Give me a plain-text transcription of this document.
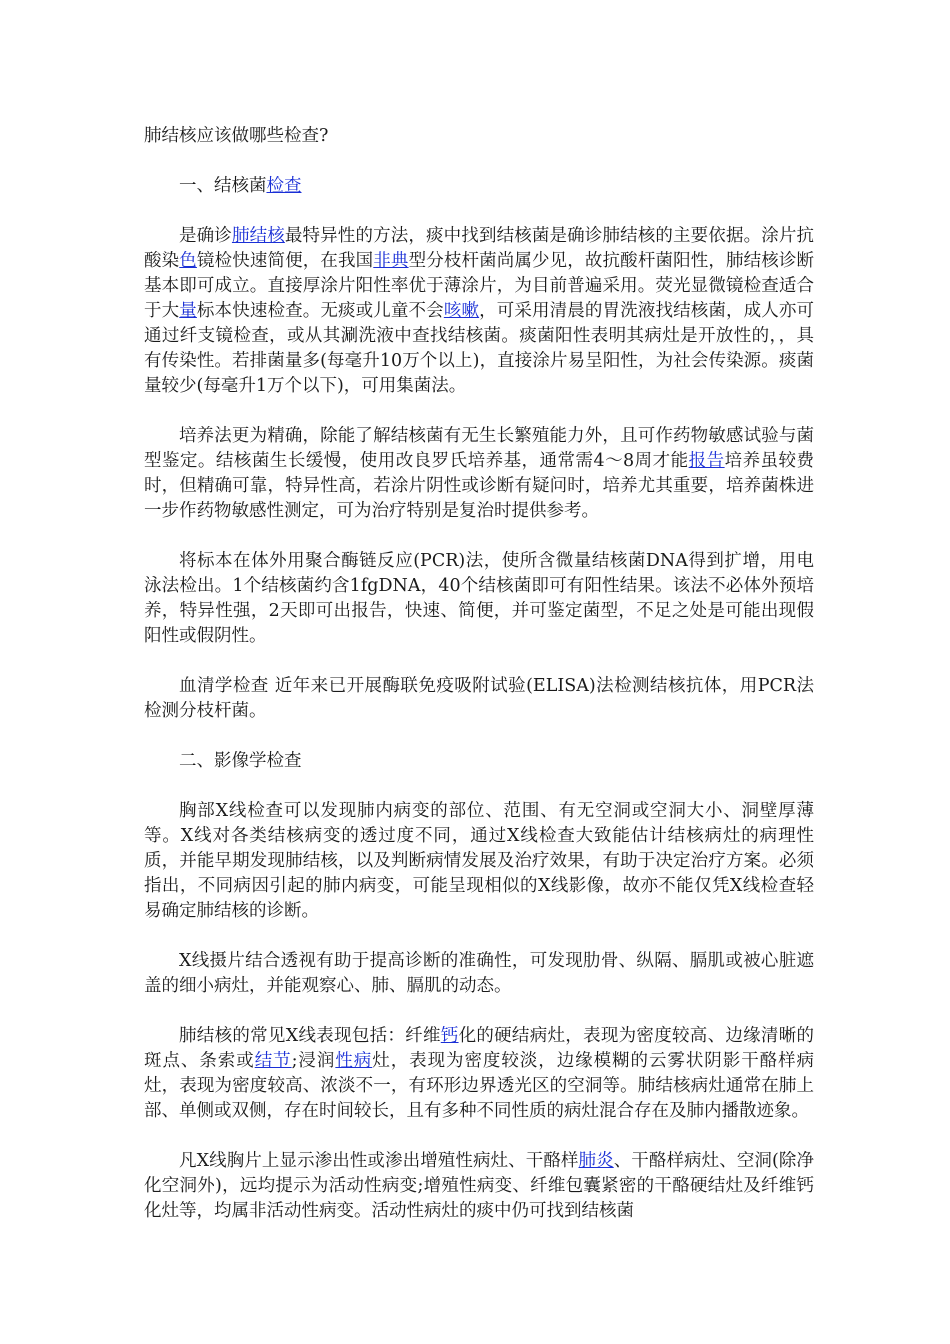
肺结核应该做哪些检查?

一、结核菌检查

是确诊肺结核最特异性的方法，痰中找到结核菌是确诊肺结核的主要依据。涂片抗酸染色镜检快速简便，在我国非典型分枝杆菌尚属少见，故抗酸杆菌阳性，肺结核诊断基本即可成立。直接厚涂片阳性率优于薄涂片，为目前普遍采用。荧光显微镜检查适合于大量标本快速检查。无痰或儿童不会咳嗽，可采用清晨的胃洗液找结核菌，成人亦可通过纤支镜检查，或从其涮洗液中查找结核菌。痰菌阳性表明其病灶是开放性的，，具有传染性。若排菌量多(每毫升10万个以上)，直接涂片易呈阳性，为社会传染源。痰菌量较少(每毫升1万个以下)，可用集菌法。

培养法更为精确，除能了解结核菌有无生长繁殖能力外，且可作药物敏感试验与菌型鉴定。结核菌生长缓慢，使用改良罗氏培养基，通常需4～8周才能报告培养虽较费时，但精确可靠，特异性高，若涂片阴性或诊断有疑问时，培养尤其重要，培养菌株进一步作药物敏感性测定，可为治疗特别是复治时提供参考。

将标本在体外用聚合酶链反应(PCR)法，使所含微量结核菌DNA得到扩增，用电泳法检出。1个结核菌约含1fgDNA，40个结核菌即可有阳性结果。该法不必体外预培养，特异性强，2天即可出报告，快速、简便，并可鉴定菌型，不足之处是可能出现假阳性或假阴性。

血清学检查 近年来已开展酶联免疫吸附试验(ELISA)法检测结核抗体，用PCR法检测分枝杆菌。

二、影像学检查

胸部X线检查可以发现肺内病变的部位、范围、有无空洞或空洞大小、洞壁厚薄等。X线对各类结核病变的透过度不同，通过X线检查大致能估计结核病灶的病理性质，并能早期发现肺结核，以及判断病情发展及治疗效果，有助于决定治疗方案。必须指出，不同病因引起的肺内病变，可能呈现相似的X线影像，故亦不能仅凭X线检查轻易确定肺结核的诊断。

X线摄片结合透视有助于提高诊断的准确性，可发现肋骨、纵隔、膈肌或被心脏遮盖的细小病灶，并能观察心、肺、膈肌的动态。

肺结核的常见X线表现包括：纤维钙化的硬结病灶，表现为密度较高、边缘清晰的斑点、条索或结节;浸润性病灶，表现为密度较淡，边缘模糊的云雾状阴影干酪样病灶，表现为密度较高、浓淡不一，有环形边界透光区的空洞等。肺结核病灶通常在肺上部、单侧或双侧，存在时间较长，且有多种不同性质的病灶混合存在及肺内播散迹象。

凡X线胸片上显示渗出性或渗出增殖性病灶、干酪样肺炎、干酪样病灶、空洞(除净化空洞外)，远均提示为活动性病变;增殖性病变、纤维包囊紧密的干酪硬结灶及纤维钙化灶等，均属非活动性病变。活动性病灶的痰中仍可找到结核菌
